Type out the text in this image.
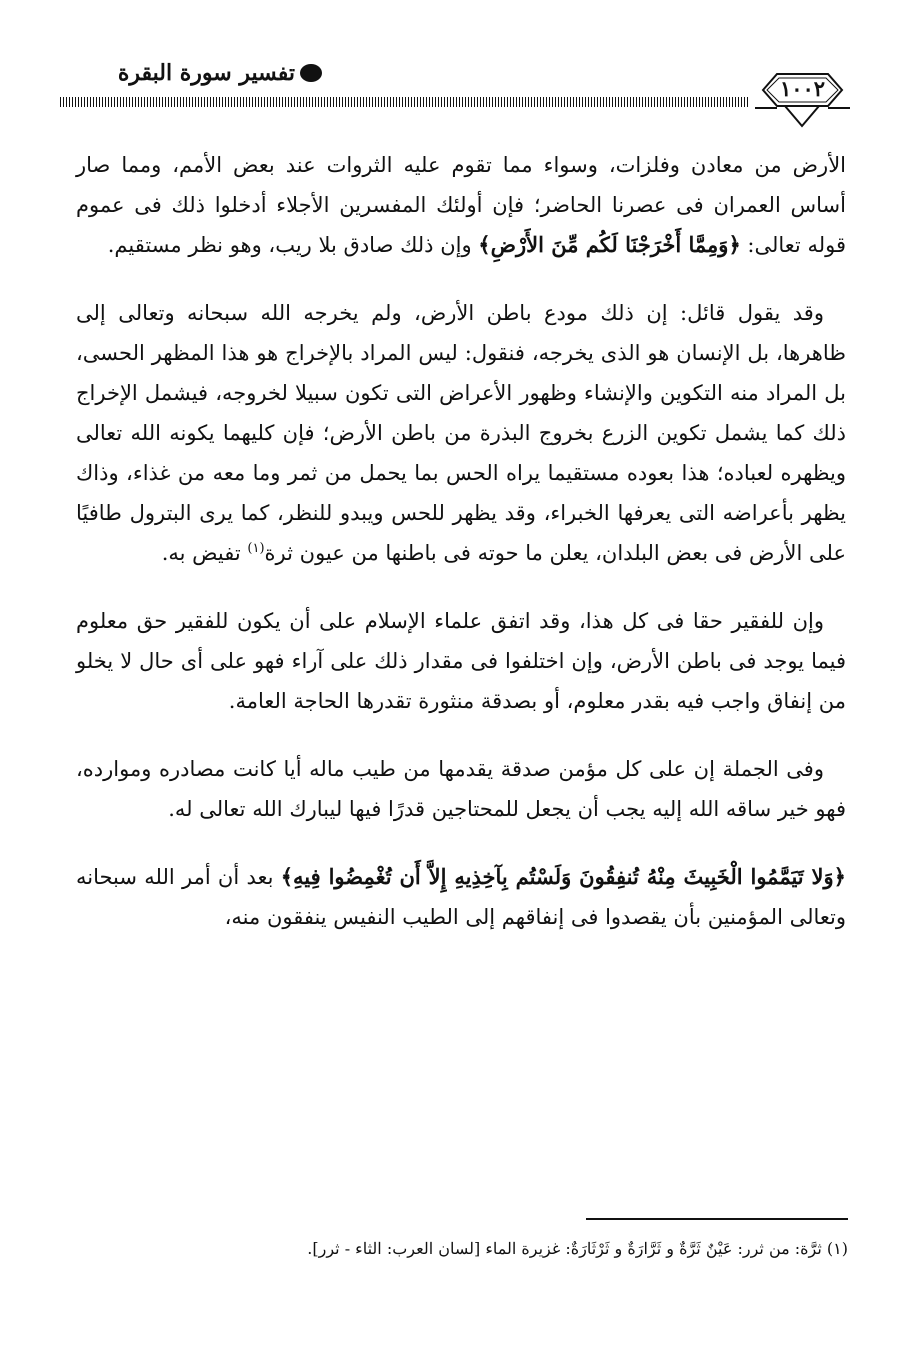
تفسير سورة البقرة
١٠٠٢

الأرض من معادن وفلزات، وسواء مما تقوم عليه الثروات عند بعض الأمم، ومما صار أساس العمران فى عصرنا الحاضر؛ فإن أولئك المفسرين الأجلاء أدخلوا ذلك فى عموم قوله تعالى: ﴿وَمِمَّا أَخْرَجْنَا لَكُم مِّنَ الأَرْضِ﴾ وإن ذلك صادق بلا ريب، وهو نظر مستقيم.

وقد يقول قائل: إن ذلك مودع باطن الأرض، ولم يخرجه الله سبحانه وتعالى إلى ظاهرها، بل الإنسان هو الذى يخرجه، فنقول: ليس المراد بالإخراج هو هذا المظهر الحسى، بل المراد منه التكوين والإنشاء وظهور الأعراض التى تكون سبيلا لخروجه، فيشمل الإخراج ذلك كما يشمل تكوين الزرع بخروج البذرة من باطن الأرض؛ فإن كليهما يكونه الله تعالى ويظهره لعباده؛ هذا بعوده مستقيما يراه الحس بما يحمل من ثمر وما معه من غذاء، وذاك يظهر بأعراضه التى يعرفها الخبراء، وقد يظهر للحس ويبدو للنظر، كما يرى البترول طافيًا على الأرض فى بعض البلدان، يعلن ما حوته فى باطنها من عيون ثرة$^{(١)}$ تفيض به.

وإن للفقير حقا فى كل هذا، وقد اتفق علماء الإسلام على أن يكون للفقير حق معلوم فيما يوجد فى باطن الأرض، وإن اختلفوا فى مقدار ذلك على آراء فهو على أى حال لا يخلو من إنفاق واجب فيه بقدر معلوم، أو بصدقة منثورة تقدرها الحاجة العامة.

وفى الجملة إن على كل مؤمن صدقة يقدمها من طيب ماله أيا كانت مصادره وموارده، فهو خير ساقه الله إليه يجب أن يجعل للمحتاجين قدرًا فيها ليبارك الله تعالى له.

﴿وَلا تَيَمَّمُوا الْخَبِيثَ مِنْهُ تُنفِقُونَ وَلَسْتُم بِآخِذِيهِ إِلاَّ أَن تُغْمِضُوا فِيهِ﴾ بعد أن أمر الله سبحانه وتعالى المؤمنين بأن يقصدوا فى إنفاقهم إلى الطيب النفيس ينفقون منه،

(١) ثرَّة: من ثرر: عَيْنٌ ثَرَّةٌ و ثَرَّارَةٌ و ثَرْثَارَةٌ: غزيرة الماء [لسان العرب: الثاء - ثرر].
